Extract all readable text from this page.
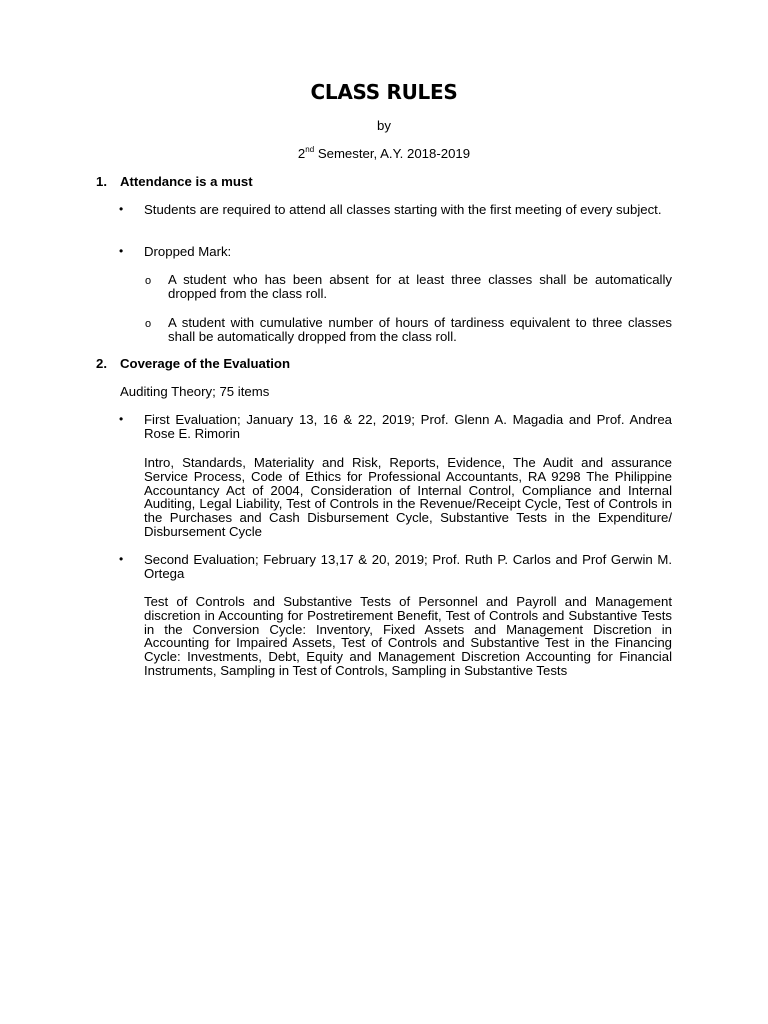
CLASS RULES
by
2nd Semester, A.Y. 2018-2019
1. Attendance is a must
• Students are required to attend all classes starting with the first meeting of every subject.
• Dropped Mark:
o A student who has been absent for at least three classes shall be automatically dropped from the class roll.
o A student with cumulative number of hours of tardiness equivalent to three classes shall be automatically dropped from the class roll.
2. Coverage of the Evaluation
Auditing Theory; 75 items
• First Evaluation; January 13, 16 & 22, 2019; Prof. Glenn A. Magadia and Prof. Andrea Rose E. Rimorin
Intro, Standards, Materiality and Risk, Reports, Evidence, The Audit and assurance Service Process, Code of Ethics for Professional Accountants, RA 9298 The Philippine Accountancy Act of 2004, Consideration of Internal Control, Compliance and Internal Auditing, Legal Liability, Test of Controls in the Revenue/Receipt Cycle, Test of Controls in the Purchases and Cash Disbursement Cycle, Substantive Tests in the Expenditure/ Disbursement Cycle
• Second Evaluation; February 13,17 & 20, 2019; Prof. Ruth P. Carlos and Prof Gerwin M. Ortega
Test of Controls and Substantive Tests of Personnel and Payroll and Management discretion in Accounting for Postretirement Benefit, Test of Controls and Substantive Tests in the Conversion Cycle: Inventory, Fixed Assets and Management Discretion in Accounting for Impaired Assets, Test of Controls and Substantive Test in the Financing Cycle: Investments, Debt, Equity and Management Discretion Accounting for Financial Instruments, Sampling in Test of Controls, Sampling in Substantive Tests
